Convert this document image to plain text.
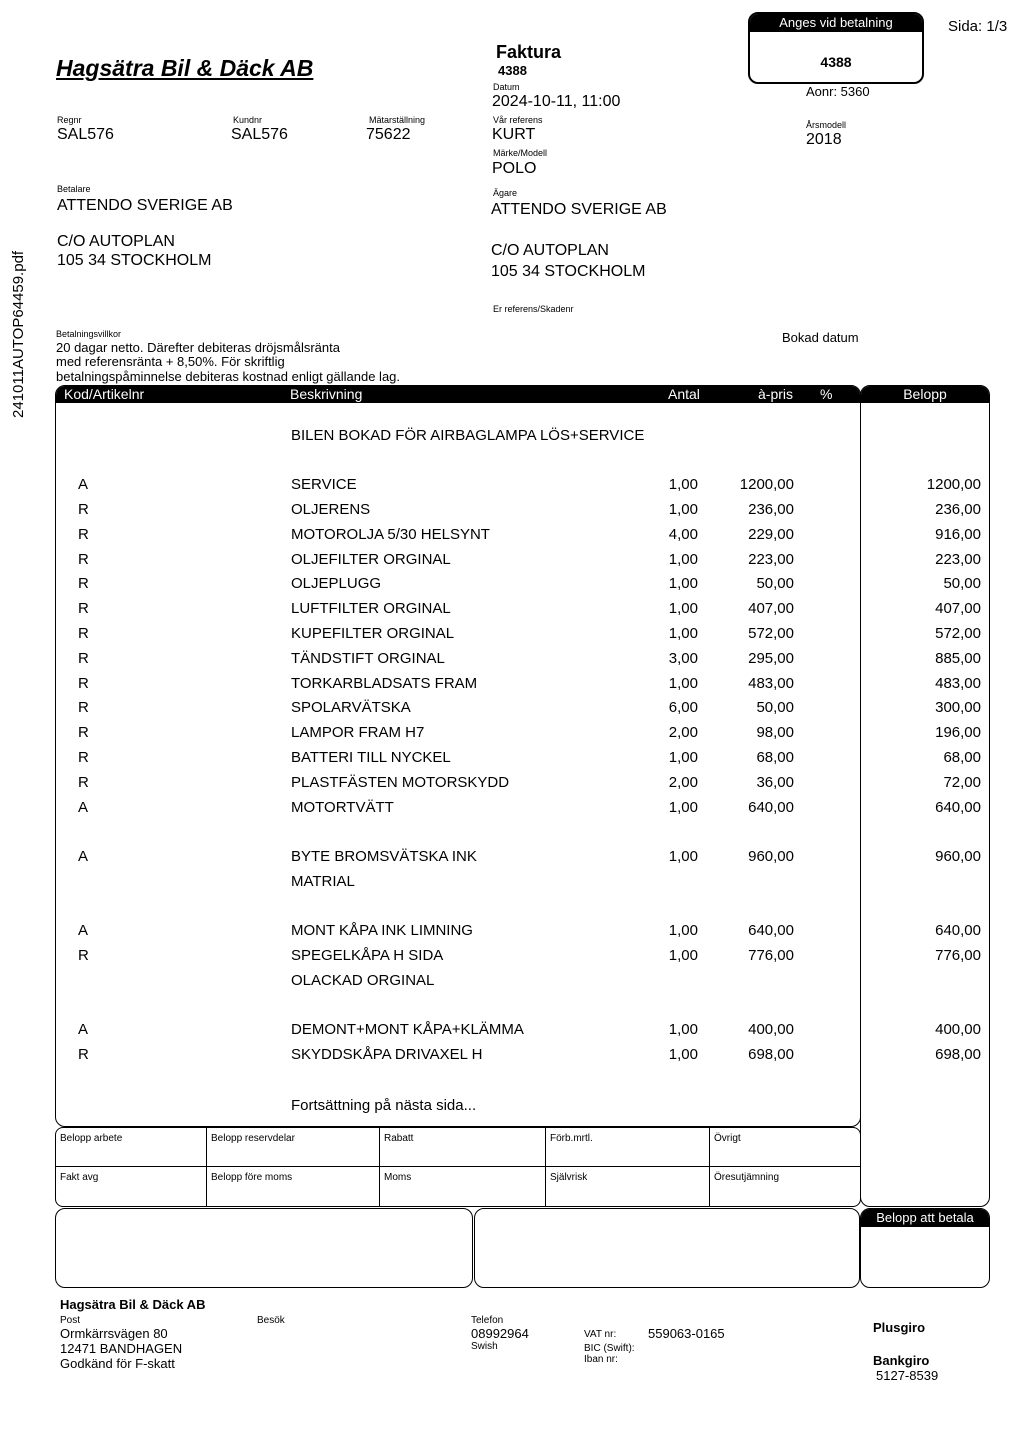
241011AUTOP64459.pdf
Sida: 1/3
Hagsätra Bil & Däck AB
Anges vid betalning
4388
Aonr: 5360
Årsmodell
2018
Faktura
4388
Datum
2024-10-11, 11:00
Vår referens
KURT
Märke/Modell
POLO
Ägare
ATTENDO SVERIGE AB
C/O AUTOPLAN
105 34 STOCKHOLM
Er referens/Skadenr
Regnr
SAL576
Kundnr
SAL576
Mätarställning
75622
Betalare
ATTENDO SVERIGE AB
C/O AUTOPLAN
105 34 STOCKHOLM
Bokad datum
Betalningsvillkor
20 dagar netto. Därefter debiteras dröjsmålsränta
med referensränta + 8,50%. För skriftlig
betalningspåminnelse debiteras kostnad enligt gällande lag.
Belopp
Kod/Artikelnr	Beskrivning	Antal	à-pris %
BILEN BOKAD FÖR AIRBAGLAMPA LÖS+SERVICE
A	SERVICE	1,00	1200,00	1200,00
R	OLJERENS	1,00	236,00	236,00
R	MOTOROLJA 5/30 HELSYNT	4,00	229,00	916,00
R	OLJEFILTER ORGINAL	1,00	223,00	223,00
R	OLJEPLUGG	1,00	50,00	50,00
R	LUFTFILTER ORGINAL	1,00	407,00	407,00
R	KUPEFILTER ORGINAL	1,00	572,00	572,00
R	TÄNDSTIFT ORGINAL	3,00	295,00	885,00
R	TORKARBLADSATS FRAM	1,00	483,00	483,00
R	SPOLARVÄTSKA	6,00	50,00	300,00
R	LAMPOR FRAM H7	2,00	98,00	196,00
R	BATTERI TILL NYCKEL	1,00	68,00	68,00
R	PLASTFÄSTEN MOTORSKYDD	2,00	36,00	72,00
A	MOTORTVÄTT	1,00	640,00	640,00
A	BYTE BROMSVÄTSKA INK	1,00	960,00	960,00
MATRIAL
A	MONT KÅPA INK LIMNING	1,00	640,00	640,00
R	SPEGELKÅPA H SIDA	1,00	776,00	776,00
OLACKAD ORGINAL
A	DEMONT+MONT KÅPA+KLÄMMA	1,00	400,00	400,00
R	SKYDDSKÅPA DRIVAXEL H	1,00	698,00	698,00
Fortsättning på nästa sida...
Belopp arbete	Belopp reservdelar	Rabatt	Förb.mrtl.	Övrigt
Fakt avg	Belopp före moms	Moms	Självrisk	Öresutjämning
Belopp att betala
Hagsätra Bil & Däck AB
Post
Ormkärrsvägen 80
12471 BANDHAGEN
Godkänd för F-skatt
Besök	Telefon
08992964
Swish
VAT nr: 559063-0165
BIC (Swift):
Iban nr:
Plusgiro
Bankgiro
5127-8539
